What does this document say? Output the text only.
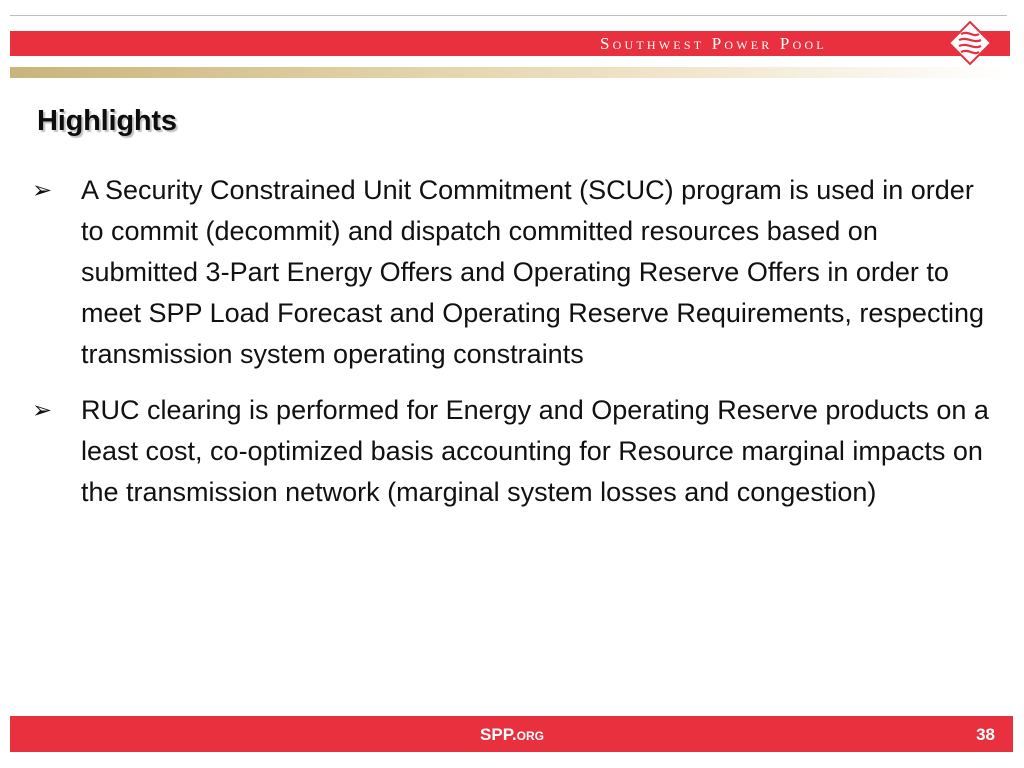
Southwest Power Pool
Highlights
➢ A Security Constrained Unit Commitment (SCUC) program is used in order to commit (decommit) and dispatch committed resources based on submitted 3-Part Energy Offers and Operating Reserve Offers in order to meet SPP Load Forecast and Operating Reserve Requirements, respecting transmission system operating constraints
➢ RUC clearing is performed for Energy and Operating Reserve products on a least cost, co-optimized basis accounting for Resource marginal impacts on the transmission network (marginal system losses and congestion)
SPP.org	38
